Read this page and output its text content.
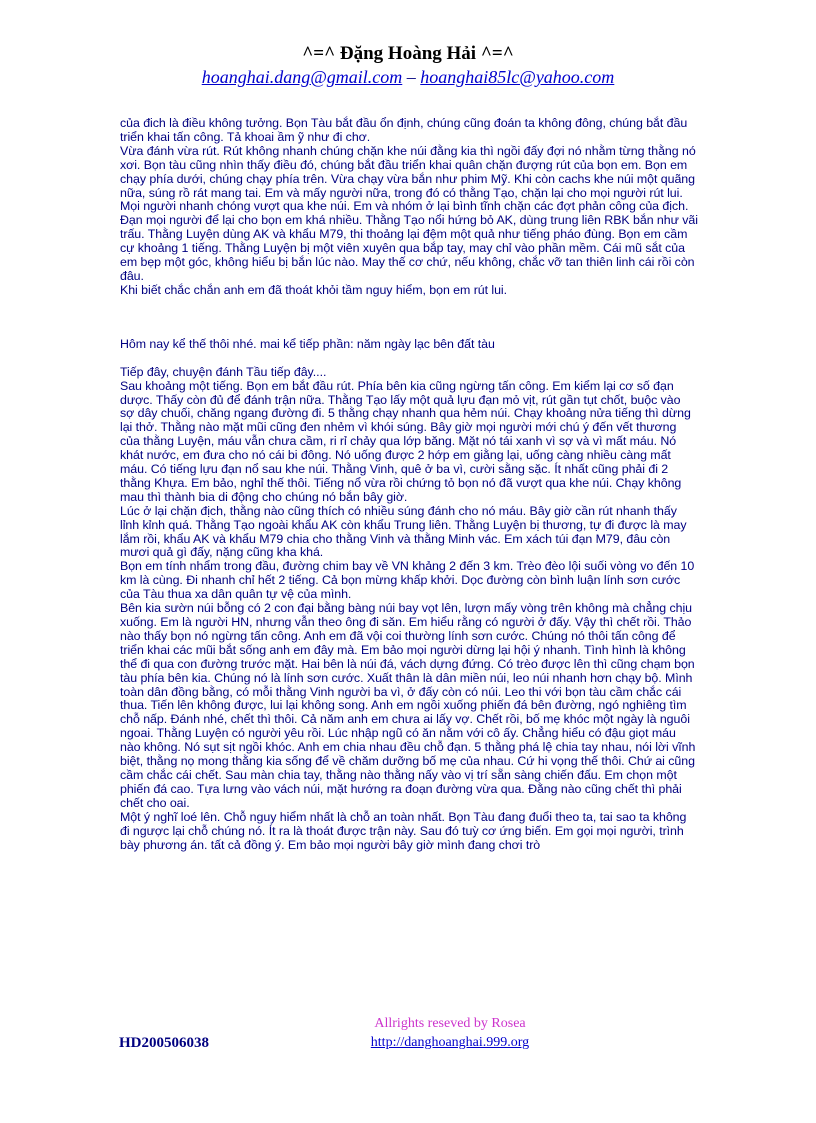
^=^ Đặng Hoàng Hải ^=^
hoanghai.dang@gmail.com – hoanghai85lc@yahoo.com

của đich là điều không tưởng. Bọn Tàu bắt đầu ổn định, chúng cũng đoán ta không đông, chúng bắt đầu triển khai tấn công. Tả khoai ầm ỹ như đi chơ.

Vừa đánh vừa rút. Rút không nhanh chúng chặn khe núi đằng kia thì ngồi đấy đợi nó nhằm từng thằng nó xơi. Bọn tàu cũng nhìn thấy điều đó, chúng bắt đầu triển khai quân chặn đượng rút của bọn em. Bọn em chạy phía dưới, chúng chạy phía trên. Vừa chạy vừa bắn như phim Mỹ. Khi còn cachs khe núi một quãng nữa, súng rồ rát mang tai. Em và mấy người nữa, trong đó có thằng Tạo, chặn lại cho mọi người rút lui. Mọi người nhanh chóng vượt qua khe núi. Em và nhóm ở lại bình tĩnh chặn các đợt phản công của địch. Đạn mọi người để lại cho bọn em khá nhiều. Thằng Tạo nổi hứng bỏ AK, dùng trung liên RBK bắn như vãi trấu. Thằng Luyện dùng AK và khẩu M79, thi thoảng lại đệm một quả như tiếng pháo đùng. Bọn em cầm cự khoảng 1 tiếng. Thằng Luyện bị một viên xuyên qua bắp tay, may chỉ vào phần mềm. Cái mũ sắt của em bẹp một góc, không hiểu bị bắn lúc nào. May thế cơ chứ, nếu không, chắc vỡ tan thiên linh cái rồi còn đâu.

Khi biết chắc chắn anh em đã thoát khỏi tầm nguy hiểm, bọn em rút lui.

Hôm nay kể thế thôi nhé. mai kể tiếp phần: năm ngày lạc bên đất tàu

Tiếp đây, chuyện đánh Tầu tiếp đây....

Sau khoảng một tiếng. Bọn em bắt đầu rút. Phía bên kia cũng ngừng tấn công. Em kiểm lại cơ số đạn dược. Thấy còn đủ để đánh trận nữa. Thằng Tạo lấy một quả lựu đạn mỏ vịt, rút gần tụt chốt, buộc vào sợ dây chuối, chăng ngang đường đi. 5 thằng chạy nhanh qua hẻm núi. Chạy khoảng nửa tiếng thì dừng lại thở. Thằng nào mặt mũi cũng đen nhẻm vì khói súng. Bây giờ mọi người mới chú ý đến vết thương của thằng Luyện, máu vẫn chưa cầm, ri rỉ chảy qua lớp băng. Mặt nó tái xanh vì sợ và vì mất máu. Nó khát nước, em đưa cho nó cái bi đông. Nó uống được 2 hớp em giằng lại, uống càng nhiều càng mất máu. Có tiếng lựu đạn nổ sau khe núi. Thằng Vinh, quê ở ba vì, cười sằng sặc. Ít nhất cũng phải đi 2 thằng Khựa. Em bảo, nghỉ thế thôi. Tiếng nổ vừa rồi chứng tỏ bọn nó đã vượt qua khe núi. Chạy không mau thì thành bia di động cho chúng nó bắn bây giờ.

Lúc ở lại chặn địch, thằng nào cũng thích có nhiều súng đánh cho nó máu. Bây giờ cần rút nhanh thấy lỉnh kỉnh quá. Thằng Tạo ngoài khẩu AK còn khẩu Trung liên. Thằng Luyện bị thương, tự đi được là may lắm rồi, khẩu AK và khẩu M79 chia cho thằng Vinh và thằng Minh vác. Em xách túi đạn M79, đâu còn mươi quả gì đấy, nặng cũng kha khá.

Bọn em tính nhẩm trong đầu, đường chim bay về VN khảng 2 đến 3 km. Trèo đèo lội suối vòng vo đến 10 km là cùng. Đi nhanh chỉ hết 2 tiếng. Cả bọn mừng khấp khởi. Dọc đường còn bình luận lính sơn cước của Tàu thua xa dân quân tự vệ của mình.

Bên kia sườn núi bỗng có 2 con đại bằng bàng núi bay vọt lên, lượn mấy vòng trên không mà chẳng chịu xuống. Em là người HN, nhưng vẫn theo ông đi săn. Em hiểu rằng có người ở đấy. Vậy thì chết rồi. Thảo nào thấy bọn nó ngừng tấn công. Anh em đã vội coi thường lính sơn cước. Chúng nó thôi tấn công để triển khai các mũi bắt sống anh em đây mà. Em bảo mọi người dừng lại hội ý nhanh. Tình hình là không thể đi qua con đường trước mặt. Hai bên là núi đá, vách dựng đứng. Có trèo được lên thì cũng chạm bọn tàu phía bên kia. Chúng nó là lính sơn cước. Xuất thân là dân miền núi, leo núi nhanh hơn chạy bộ. Mình toàn dân đồng bằng, có mỗi thằng Vinh người ba vì, ở đấy còn có núi. Leo thi với bọn tàu cầm chắc cái thua. Tiến lên không được, lui lại không song. Anh em ngồi xuống phiến đá bên đường, ngó nghiêng tìm chỗ nấp. Đánh nhé, chết thì thôi. Cả năm anh em chưa ai lấy vợ. Chết rồi, bố mẹ khóc một ngày là nguôi ngoai. Thằng Luyện có người yêu rồi. Lúc nhập ngũ có ăn nằm với cô ấy. Chẳng hiểu có đậu giọt máu nào không. Nó sụt sịt ngồi khóc. Anh em chia nhau đều chỗ đạn. 5 thằng phá lệ chia tay nhau, nói lời vĩnh biệt, thằng nọ mong thằng kia sống để về chăm dưỡng bố mẹ của nhau. Cứ hi vọng thế thôi. Chứ ai cũng cầm chắc cái chết. Sau màn chia tay, thằng nào thằng nấy vào vị trí sẵn sàng chiến đấu. Em chọn một phiến đá cao. Tựa lưng vào vách núi, mặt hướng ra đoạn đường vừa qua. Đằng nào cũng chết thì phải chết cho oai.

Một ý nghĩ loé lên. Chỗ nguy hiểm nhất là chỗ an toàn nhất. Bọn Tàu đang đuổi theo ta, tai sao ta không đi ngược lại chỗ chúng nó. Ít ra là thoát được trận này. Sau đó tuỳ cơ ứng biến. Em gọi mọi người, trình bày phương án. tất cả đồng ý. Em bảo mọi người bây giờ mình đang chơi trò

HD200506038
Allrights reseved by Rosea
http://danghoanghai.999.org
